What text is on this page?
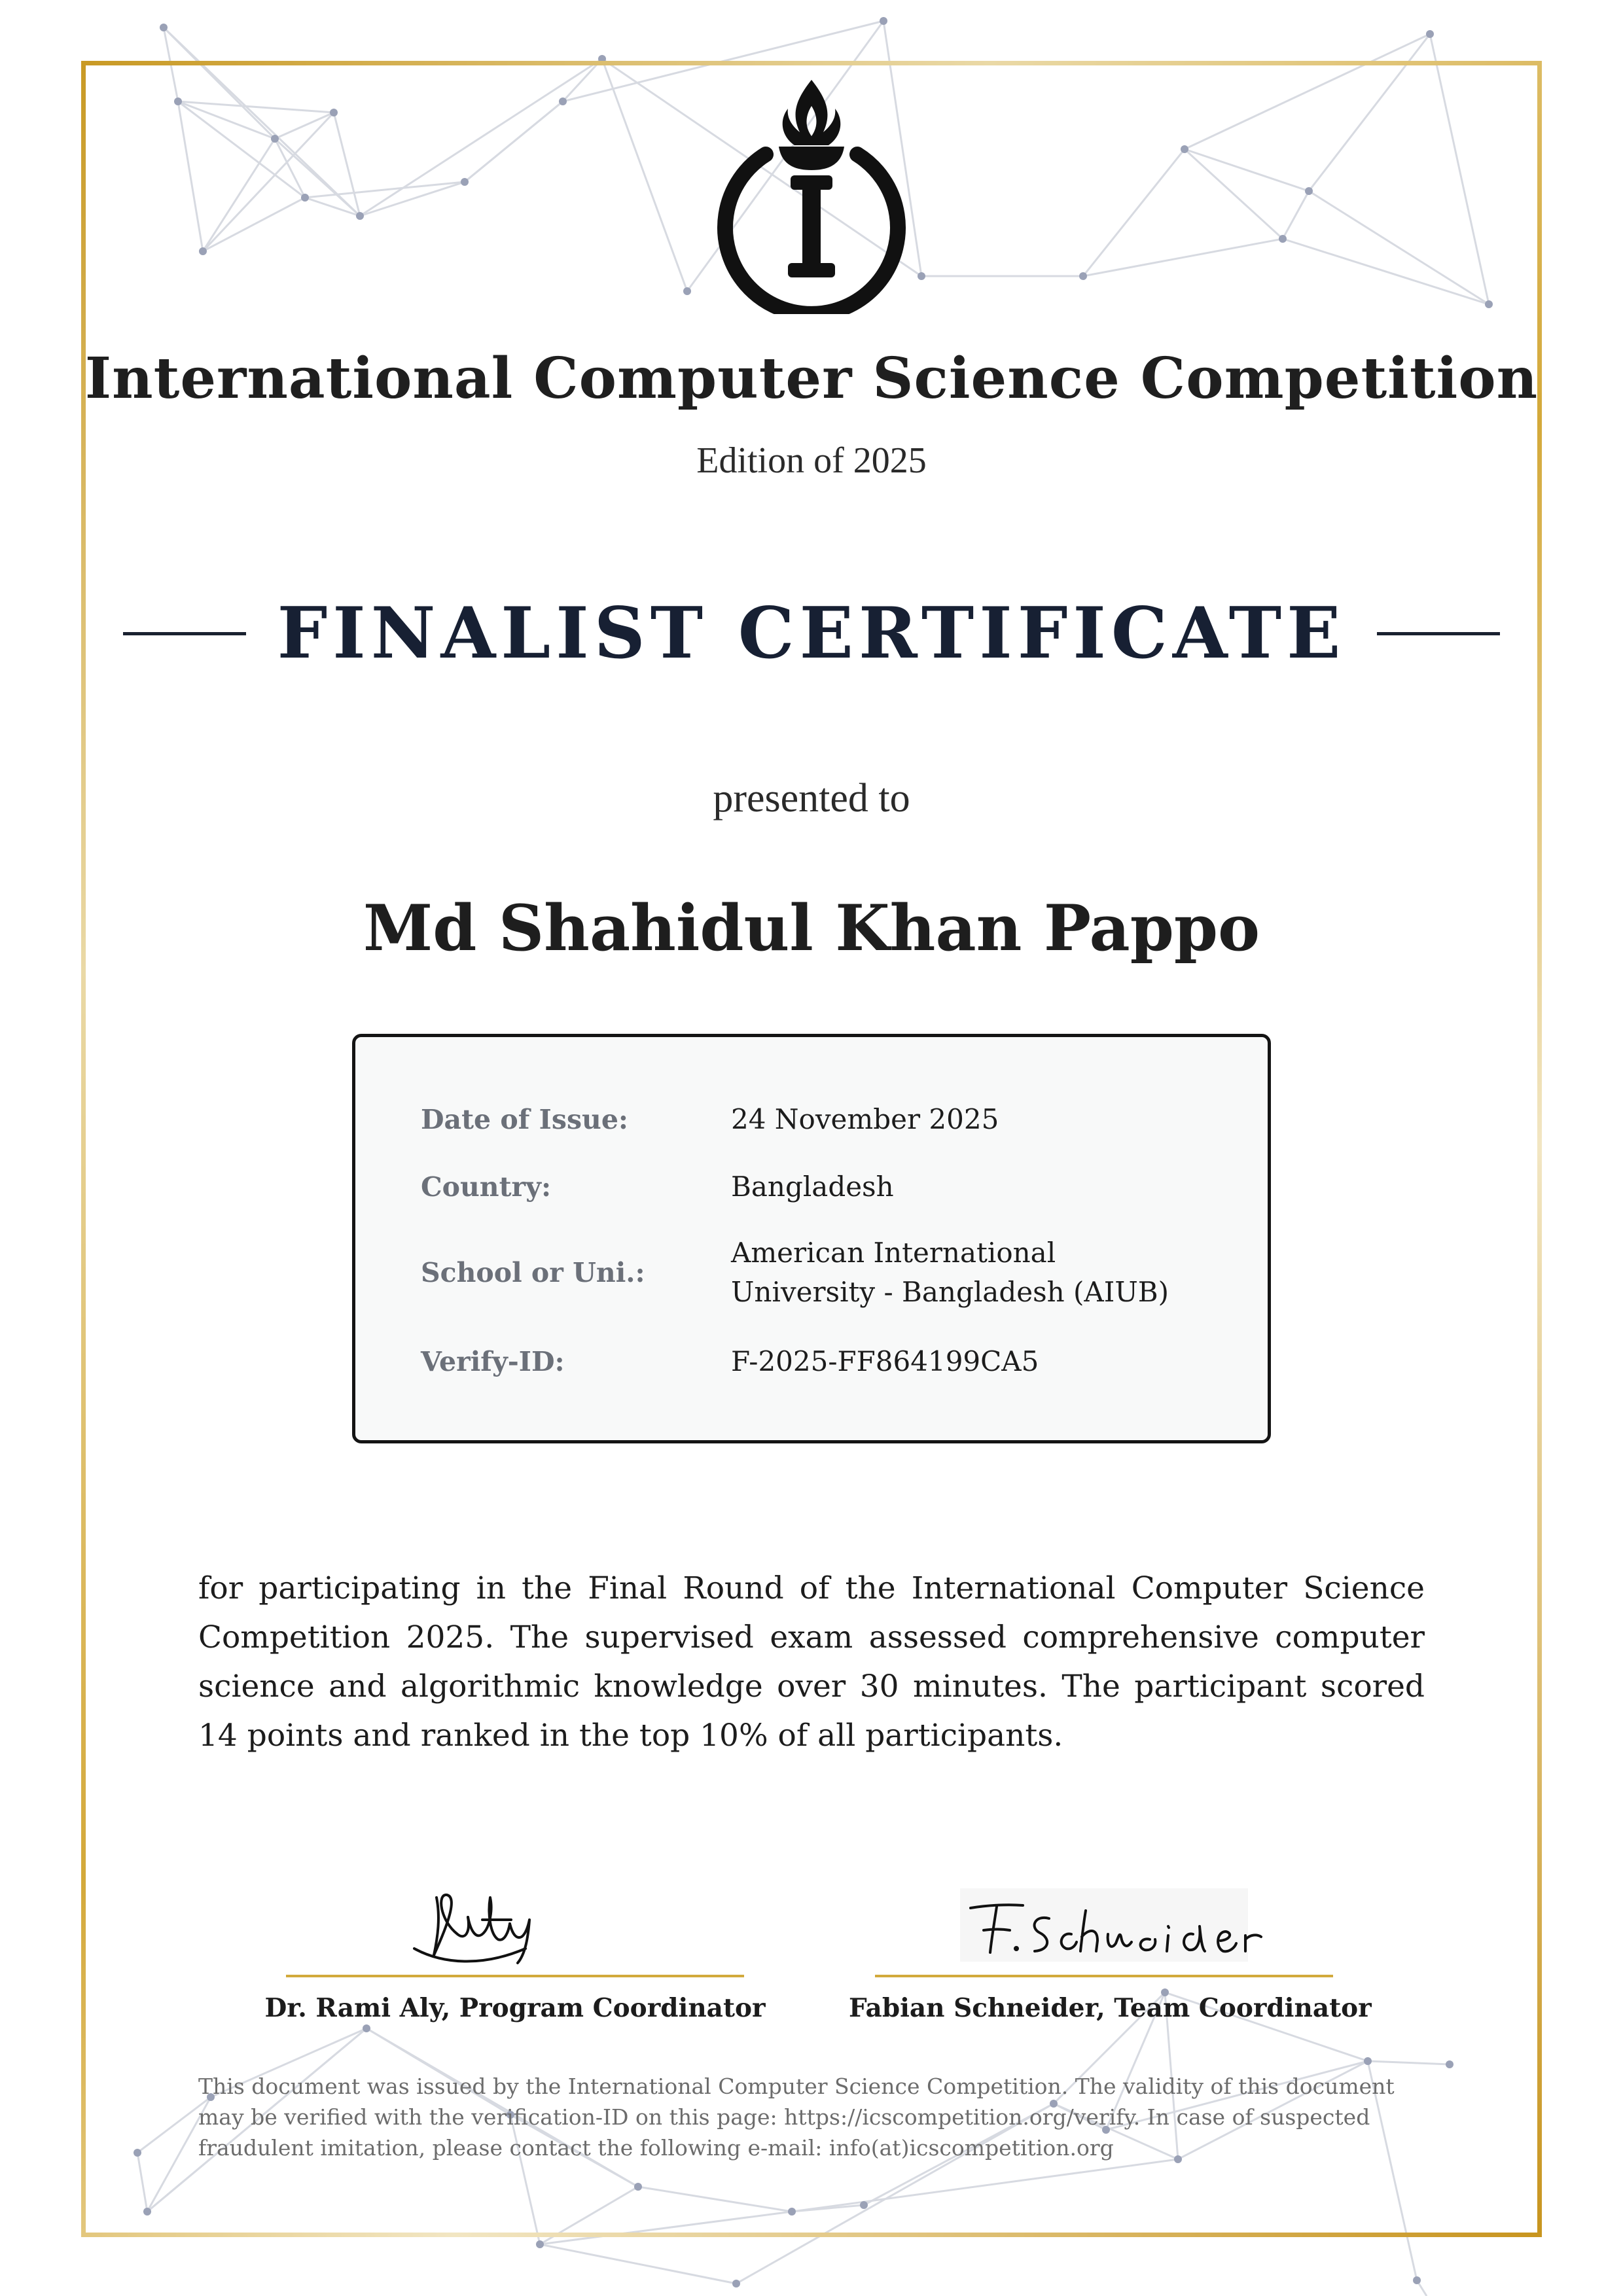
International Computer Science Competition
Edition of 2025
FINALIST CERTIFICATE
presented to
Md Shahidul Khan Pappo
Date of Issue:	24 November 2025
Country:	Bangladesh
School or Uni.:
American International University - Bangladesh (AIUB)
Verify-ID:	F-2025-FF864199CA5
for participating in the Final Round of the International Computer Science Competition 2025. The supervised exam assessed comprehensive computer science and algorithmic knowledge over 30 minutes. The participant scored 14 points and ranked in the top 10% of all participants.
Dr. Rami Aly, Program Coordinator	Fabian Schneider, Team Coordinator
This document was issued by the International Computer Science Competition. The validity of this document may be verified with the verification-ID on this page: https://icscompetition.org/verify. In case of suspected fraudulent imitation, please contact the following e-mail: info(at)icscompetition.org
